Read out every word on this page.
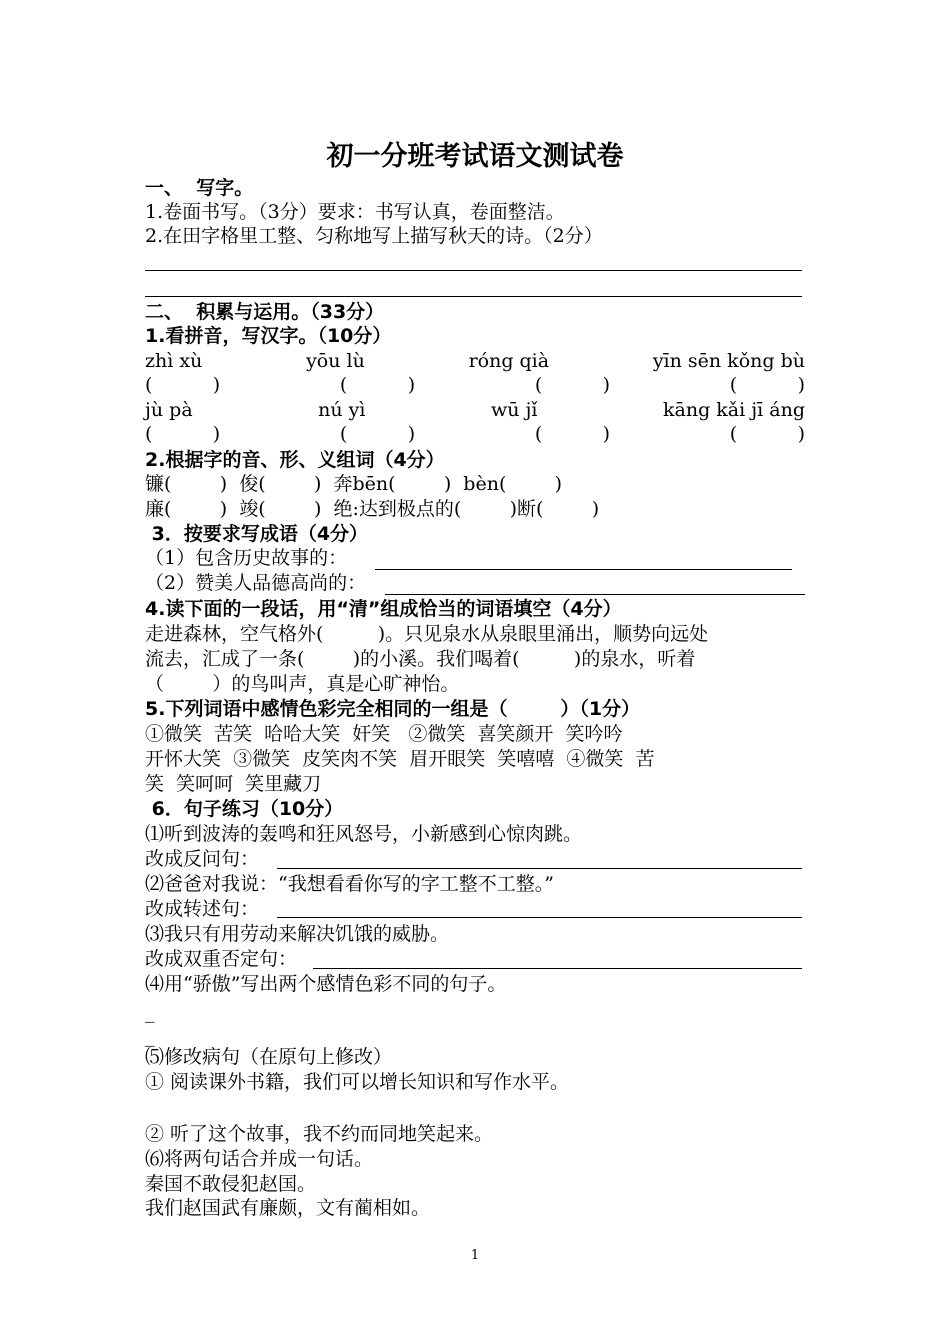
初一分班考试语文测试卷
一、  写字。
1.卷面书写。（3分）要求：书写认真，卷面整洁。
2.在田字格里工整、匀称地写上描写秋天的诗。（2分）
二、  积累与运用。（33分）
1.看拼音，写汉字。（10分）
zhì xù	yōu lù	róng qià	yīn sēn kǒng bù
(          )	(          )	(          )	(          )
jù pà	nú yì	wū jǐ	kāng kǎi jī áng
(          )	(          )	(          )	(          )
2.根据字的音、形、义组词（4分）
镰(        )  俊(        )  奔bēn(        )  bèn(        )
廉(        )  竣(        )  绝:达到极点的(        )断(        )
3．按要求写成语（4分）
（1）包含历史故事的：
（2）赞美人品德高尚的：
4.读下面的一段话，用“清”组成恰当的词语填空（4分）
走进森林，空气格外(         )。只见泉水从泉眼里涌出，顺势向远处
流去，汇成了一条(        )的小溪。我们喝着(         )的泉水，听着
（        ）的鸟叫声，真是心旷神怡。
5.下列词语中感情色彩完全相同的一组是（        ）（1分）
①微笑  苦笑  哈哈大笑  奸笑   ②微笑  喜笑颜开  笑吟吟
开怀大笑  ③微笑  皮笑肉不笑  眉开眼笑  笑嘻嘻  ④微笑  苦
笑  笑呵呵  笑里藏刀
6．句子练习（10分）
⑴听到波涛的轰鸣和狂风怒号，小新感到心惊肉跳。
改成反问句：
⑵爸爸对我说：“我想看看你写的字工整不工整。”
改成转述句：
⑶我只有用劳动来解决饥饿的威胁。
改成双重否定句：
⑷用“骄傲”写出两个感情色彩不同的句子。
_
_
⑸修改病句（在原句上修改）
① 阅读课外书籍，我们可以增长知识和写作水平。
② 听了这个故事，我不约而同地笑起来。
⑹将两句话合并成一句话。
秦国不敢侵犯赵国。
我们赵国武有廉颇，文有蔺相如。
1
